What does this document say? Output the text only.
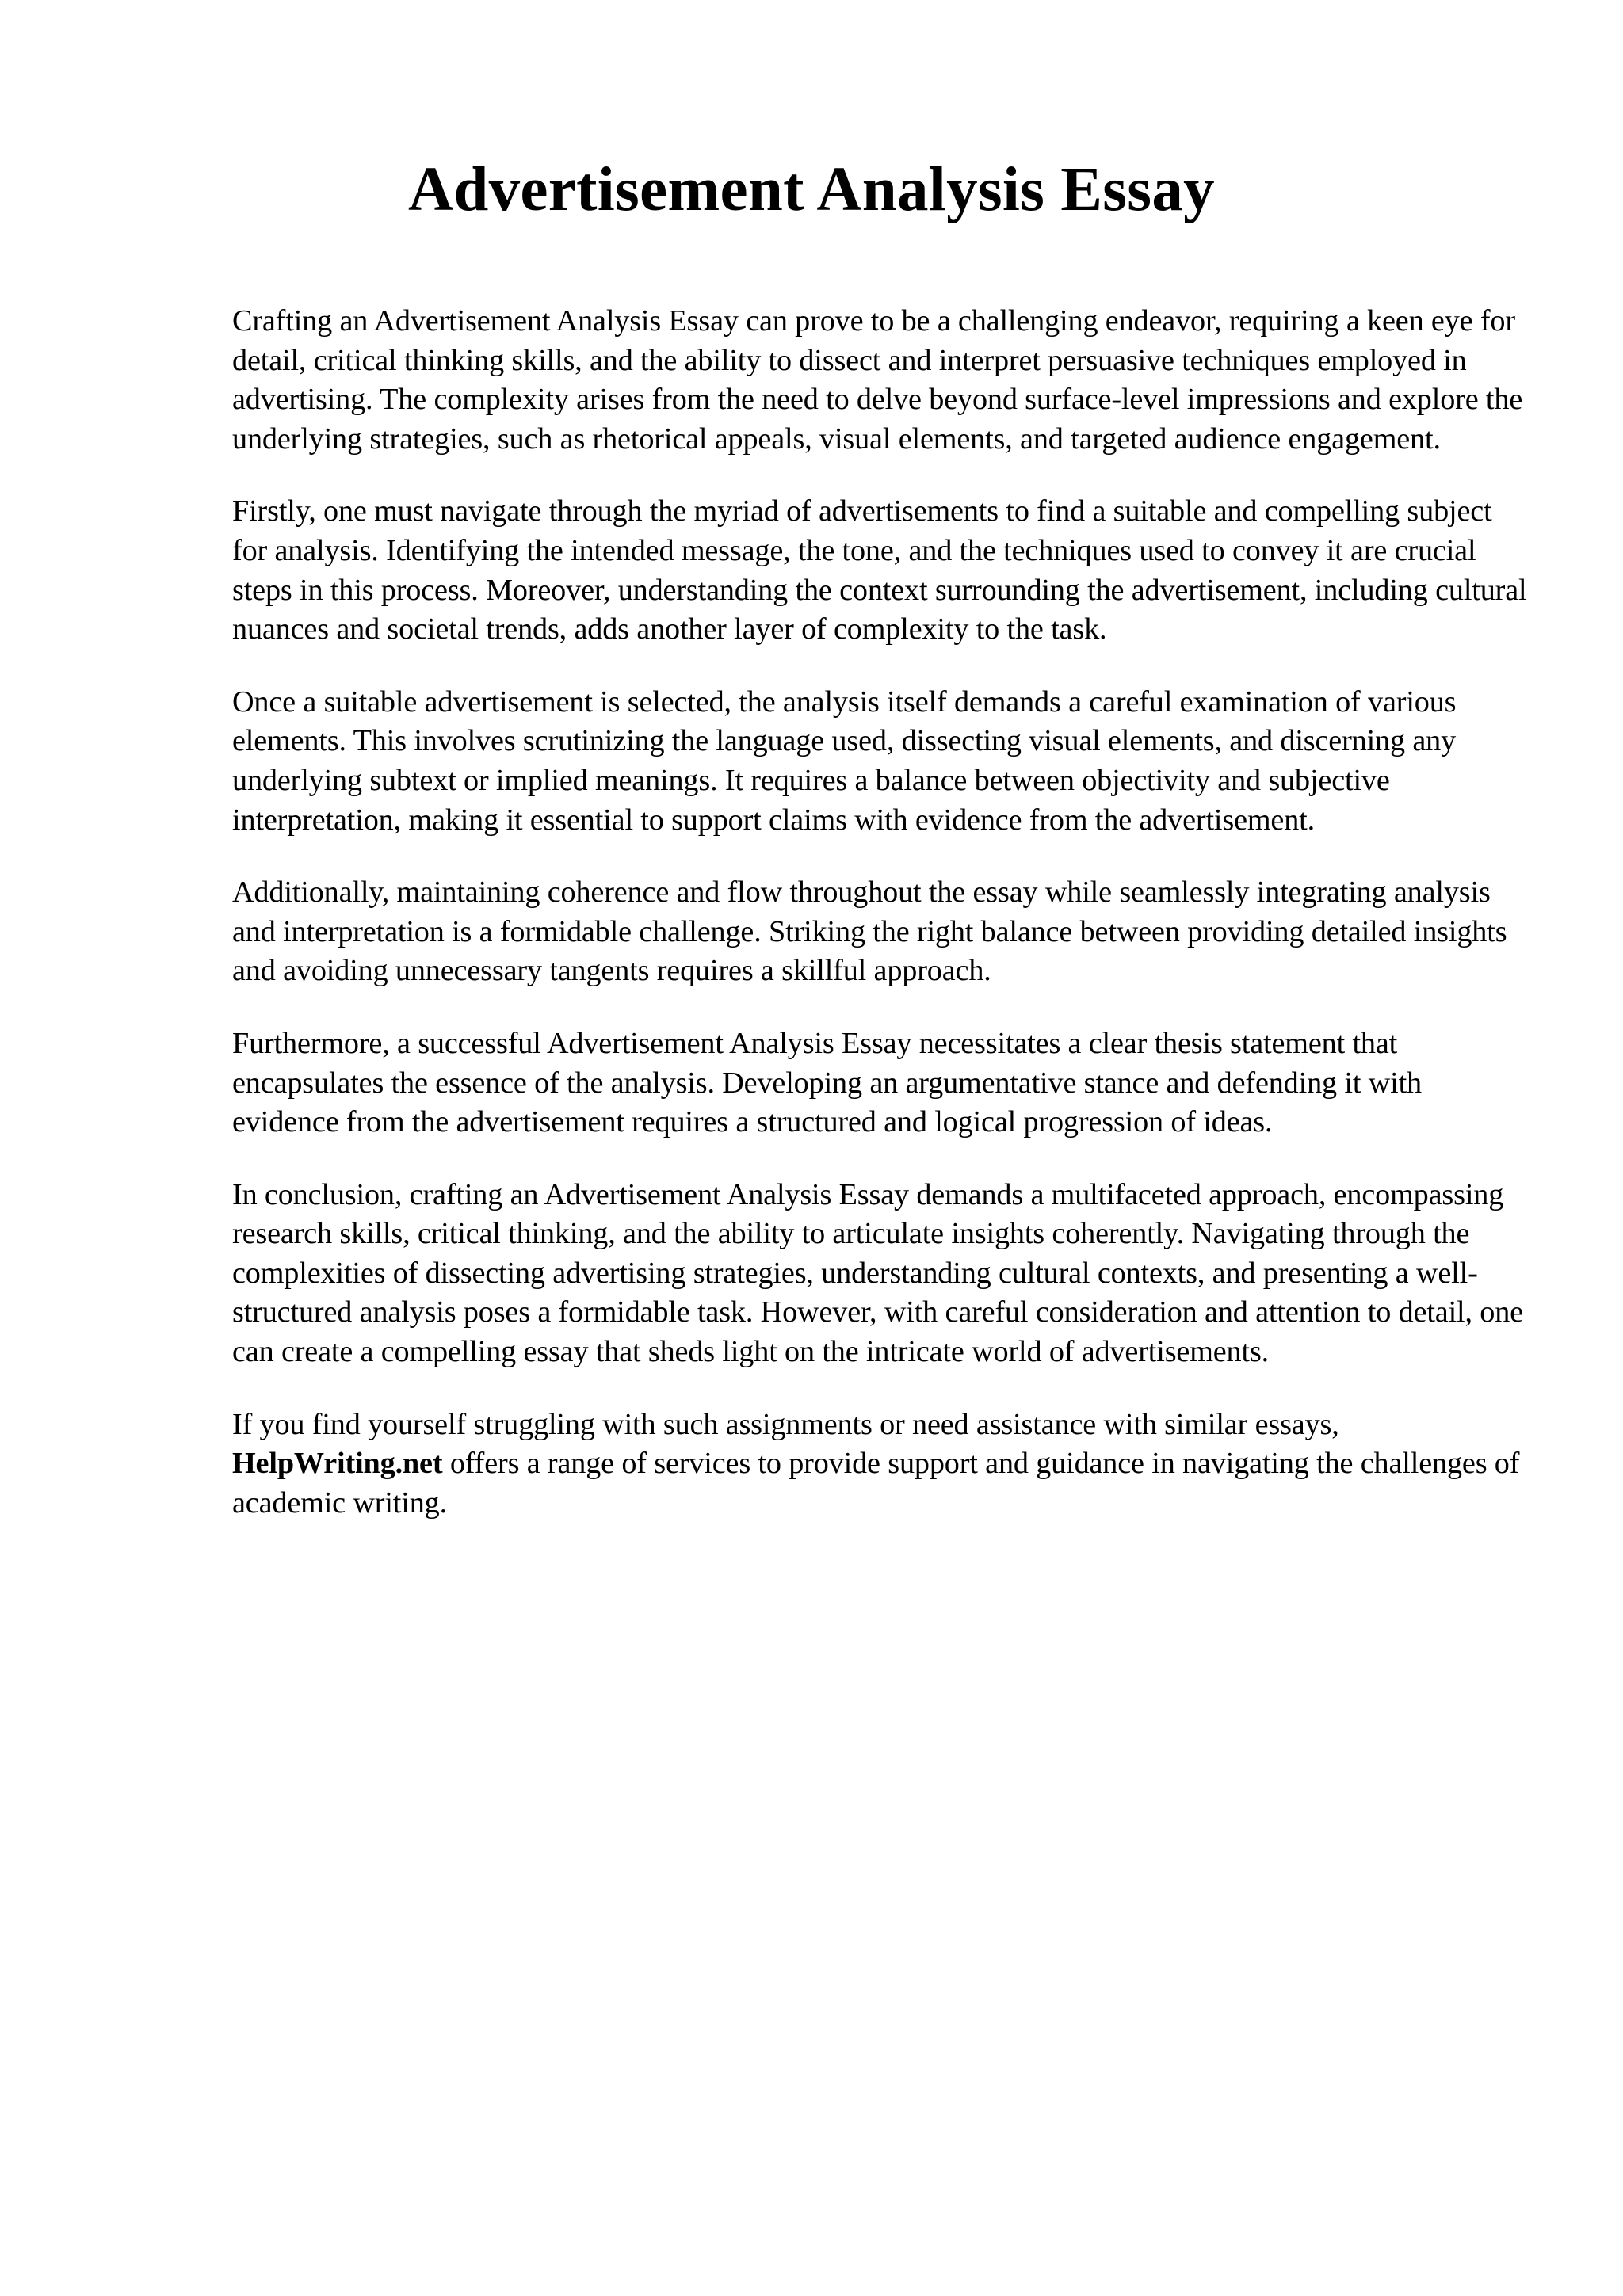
Advertisement Analysis Essay

Crafting an Advertisement Analysis Essay can prove to be a challenging endeavor, requiring a keen eye for detail, critical thinking skills, and the ability to dissect and interpret persuasive techniques employed in advertising. The complexity arises from the need to delve beyond surface-level impressions and explore the underlying strategies, such as rhetorical appeals, visual elements, and targeted audience engagement.

Firstly, one must navigate through the myriad of advertisements to find a suitable and compelling subject for analysis. Identifying the intended message, the tone, and the techniques used to convey it are crucial steps in this process. Moreover, understanding the context surrounding the advertisement, including cultural nuances and societal trends, adds another layer of complexity to the task.

Once a suitable advertisement is selected, the analysis itself demands a careful examination of various elements. This involves scrutinizing the language used, dissecting visual elements, and discerning any underlying subtext or implied meanings. It requires a balance between objectivity and subjective interpretation, making it essential to support claims with evidence from the advertisement.

Additionally, maintaining coherence and flow throughout the essay while seamlessly integrating analysis and interpretation is a formidable challenge. Striking the right balance between providing detailed insights and avoiding unnecessary tangents requires a skillful approach.

Furthermore, a successful Advertisement Analysis Essay necessitates a clear thesis statement that encapsulates the essence of the analysis. Developing an argumentative stance and defending it with evidence from the advertisement requires a structured and logical progression of ideas.

In conclusion, crafting an Advertisement Analysis Essay demands a multifaceted approach, encompassing research skills, critical thinking, and the ability to articulate insights coherently. Navigating through the complexities of dissecting advertising strategies, understanding cultural contexts, and presenting a well-structured analysis poses a formidable task. However, with careful consideration and attention to detail, one can create a compelling essay that sheds light on the intricate world of advertisements.

If you find yourself struggling with such assignments or need assistance with similar essays,
HelpWriting.net offers a range of services to provide support and guidance in navigating the challenges of academic writing.
